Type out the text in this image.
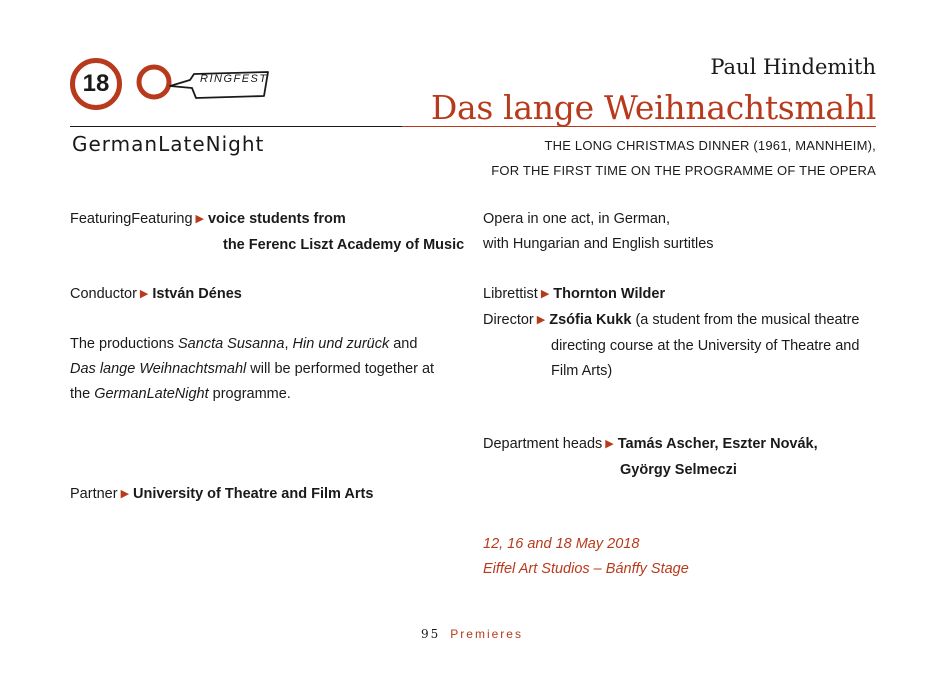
18	RINGFEST
GermanLateNight
Paul Hindemith
Das lange Weihnachtsmahl
THE LONG CHRISTMAS DINNER (1961, MANNHEIM),
FOR THE FIRST TIME ON THE PROGRAMME OF THE OPERA
FeaturingFeaturing ▶ voice students from
the Ferenc Liszt Academy of Music
Conductor ▶ István Dénes
The productions Sancta Susanna, Hin und zurück and
Das lange Weihnachtsmahl will be performed together at
the GermanLateNight programme.
Partner ▶ University of Theatre and Film Arts
Opera in one act, in German,
with Hungarian and English surtitles
Librettist ▶ Thornton Wilder
Director ▶ Zsófia Kukk (a student from the musical theatre
directing course at the University of Theatre and
Film Arts)
Department heads ▶ Tamás Ascher, Eszter Novák,
György Selmeczi
12, 16 and 18 May 2018
Eiffel Art Studios – Bánffy Stage
95 Premieres
